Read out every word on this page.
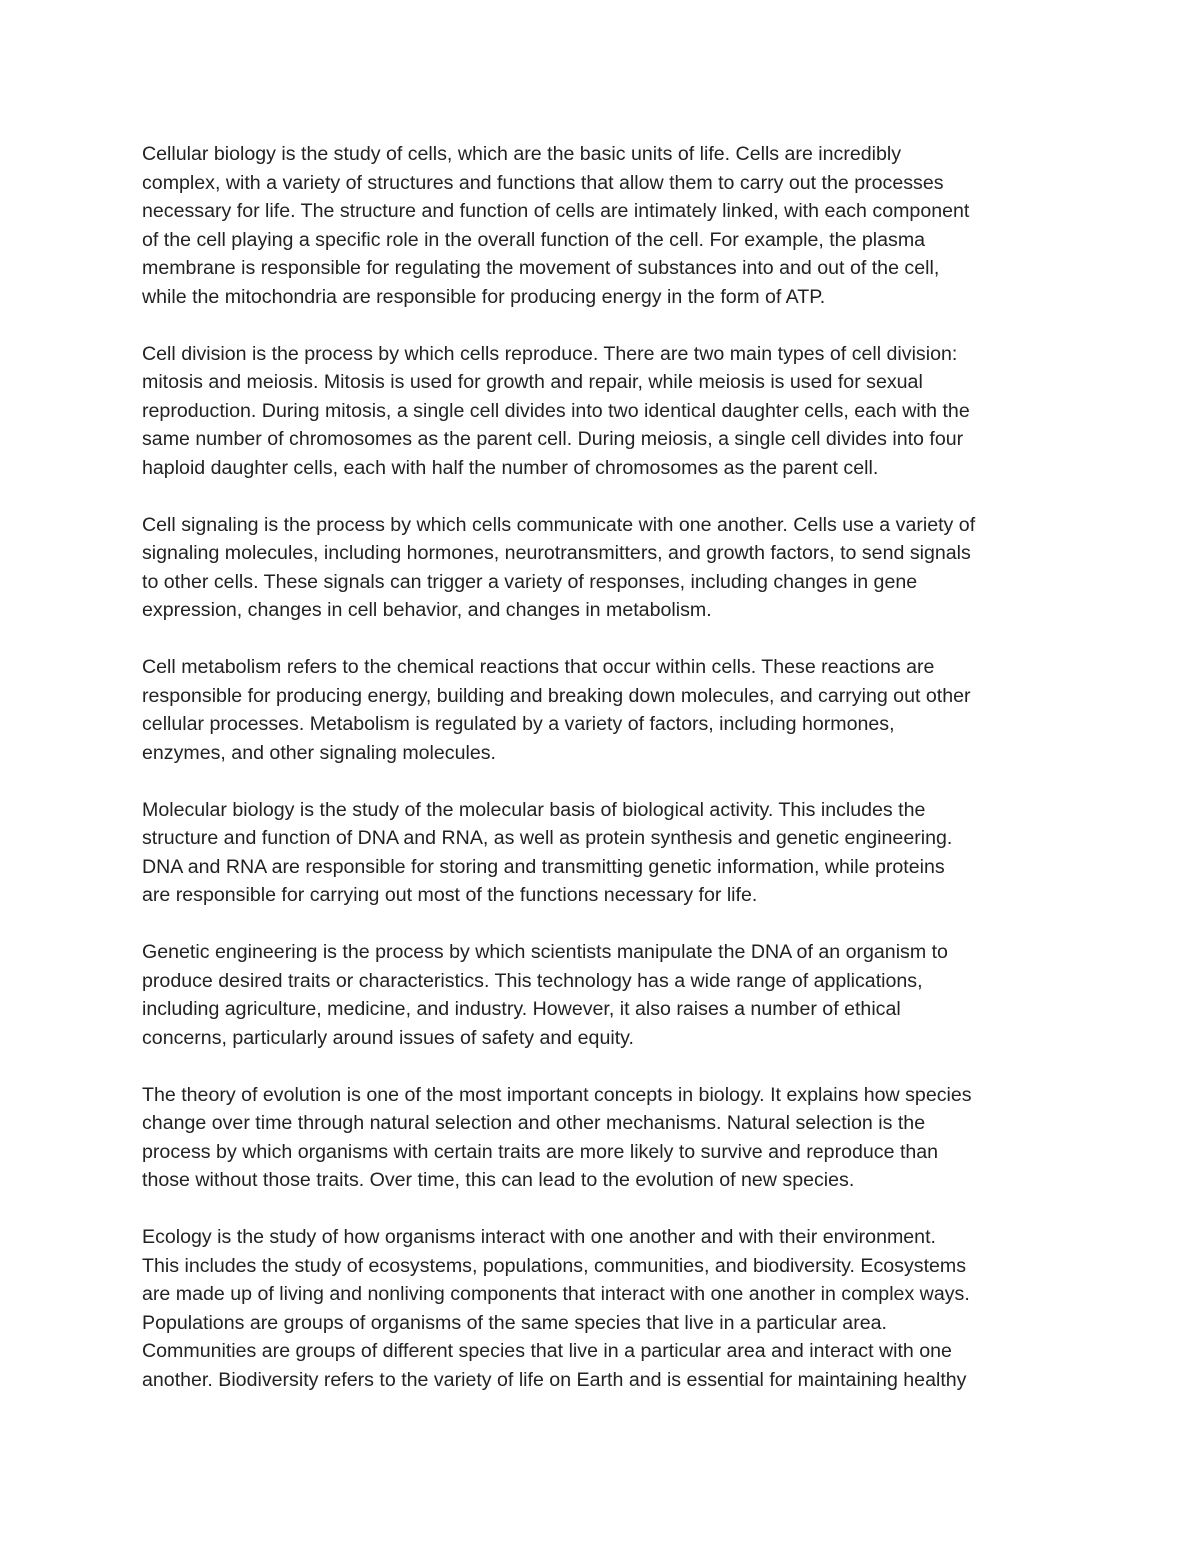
Cellular biology is the study of cells, which are the basic units of life. Cells are incredibly
complex, with a variety of structures and functions that allow them to carry out the processes
necessary for life. The structure and function of cells are intimately linked, with each component
of the cell playing a specific role in the overall function of the cell. For example, the plasma
membrane is responsible for regulating the movement of substances into and out of the cell,
while the mitochondria are responsible for producing energy in the form of ATP.

Cell division is the process by which cells reproduce. There are two main types of cell division:
mitosis and meiosis. Mitosis is used for growth and repair, while meiosis is used for sexual
reproduction. During mitosis, a single cell divides into two identical daughter cells, each with the
same number of chromosomes as the parent cell. During meiosis, a single cell divides into four
haploid daughter cells, each with half the number of chromosomes as the parent cell.

Cell signaling is the process by which cells communicate with one another. Cells use a variety of
signaling molecules, including hormones, neurotransmitters, and growth factors, to send signals
to other cells. These signals can trigger a variety of responses, including changes in gene
expression, changes in cell behavior, and changes in metabolism.

Cell metabolism refers to the chemical reactions that occur within cells. These reactions are
responsible for producing energy, building and breaking down molecules, and carrying out other
cellular processes. Metabolism is regulated by a variety of factors, including hormones,
enzymes, and other signaling molecules.

Molecular biology is the study of the molecular basis of biological activity. This includes the
structure and function of DNA and RNA, as well as protein synthesis and genetic engineering.
DNA and RNA are responsible for storing and transmitting genetic information, while proteins
are responsible for carrying out most of the functions necessary for life.

Genetic engineering is the process by which scientists manipulate the DNA of an organism to
produce desired traits or characteristics. This technology has a wide range of applications,
including agriculture, medicine, and industry. However, it also raises a number of ethical
concerns, particularly around issues of safety and equity.

The theory of evolution is one of the most important concepts in biology. It explains how species
change over time through natural selection and other mechanisms. Natural selection is the
process by which organisms with certain traits are more likely to survive and reproduce than
those without those traits. Over time, this can lead to the evolution of new species.

Ecology is the study of how organisms interact with one another and with their environment.
This includes the study of ecosystems, populations, communities, and biodiversity. Ecosystems
are made up of living and nonliving components that interact with one another in complex ways.
Populations are groups of organisms of the same species that live in a particular area.
Communities are groups of different species that live in a particular area and interact with one
another. Biodiversity refers to the variety of life on Earth and is essential for maintaining healthy
